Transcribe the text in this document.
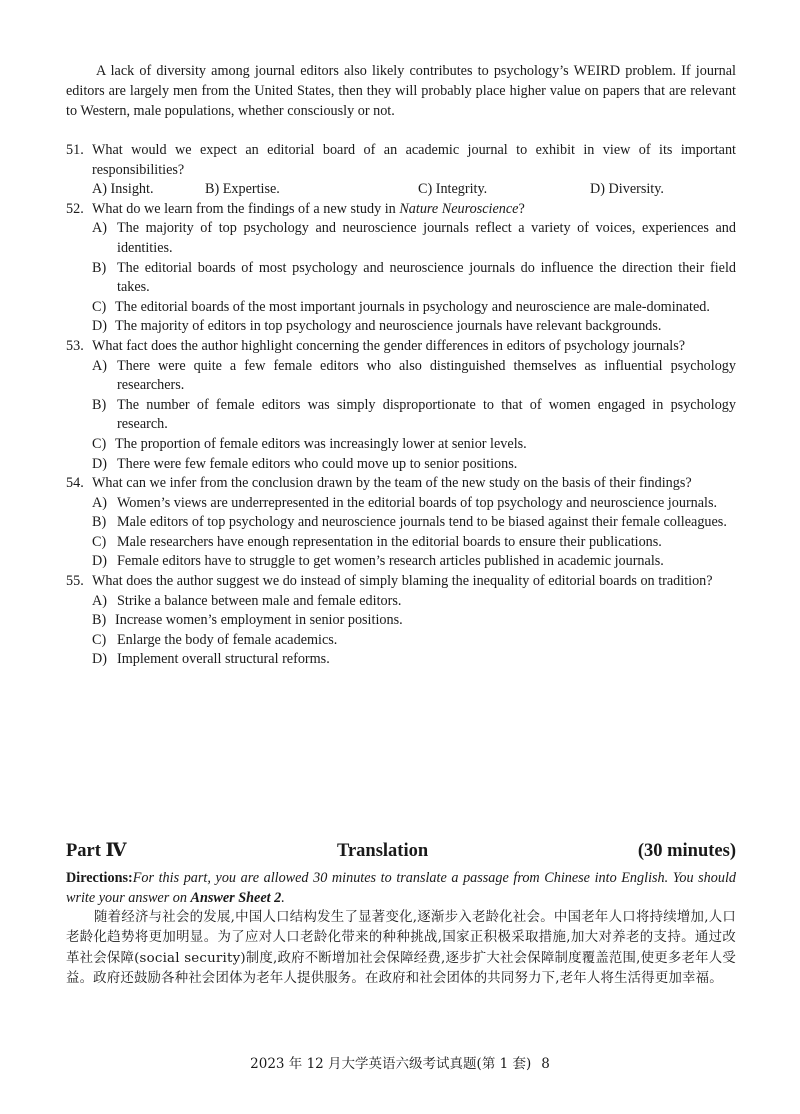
A lack of diversity among journal editors also likely contributes to psychology’s WEIRD problem. If journal editors are largely men from the United States, then they will probably place higher value on papers that are relevant to Western, male populations, whether consciously or not.

51. What would we expect an editorial board of an academic journal to exhibit in view of its important responsibilities?
A) Insight.	B) Expertise.	C) Integrity.	D) Diversity.
52. What do we learn from the findings of a new study in Nature Neuroscience?
A) The majority of top psychology and neuroscience journals reflect a variety of voices, experiences and identities.
B) The editorial boards of most psychology and neuroscience journals do influence the direction their field takes.
C) The editorial boards of the most important journals in psychology and neuroscience are male-dominated.
D) The majority of editors in top psychology and neuroscience journals have relevant backgrounds.
53. What fact does the author highlight concerning the gender differences in editors of psychology journals?
A) There were quite a few female editors who also distinguished themselves as influential psychology researchers.
B) The number of female editors was simply disproportionate to that of women engaged in psychology research.
C) The proportion of female editors was increasingly lower at senior levels.
D) There were few female editors who could move up to senior positions.
54. What can we infer from the conclusion drawn by the team of the new study on the basis of their findings?
A) Women’s views are underrepresented in the editorial boards of top psychology and neuroscience journals.
B) Male editors of top psychology and neuroscience journals tend to be biased against their female colleagues.
C) Male researchers have enough representation in the editorial boards to ensure their publications.
D) Female editors have to struggle to get women’s research articles published in academic journals.
55. What does the author suggest we do instead of simply blaming the inequality of editorial boards on tradition?
A) Strike a balance between male and female editors.
B) Increase women’s employment in senior positions.
C) Enlarge the body of female academics.
D) Implement overall structural reforms.
Part Ⅳ	Translation	(30 minutes)
Directions:For this part, you are allowed 30 minutes to translate a passage from Chinese into English. You should write your answer on Answer Sheet 2.

随着经济与社会的发展,中国人口结构发生了显著变化,逐渐步入老龄化社会。中国老年人口将持续增加,人口老龄化趋势将更加明显。为了应对人口老龄化带来的种种挑战,国家正积极采取措施,加大对养老的支持。通过改革社会保障(social security)制度,政府不断增加社会保障经费,逐步扩大社会保障制度覆盖范围,使更多老年人受益。政府还鼓励各种社会团体为老年人提供服务。在政府和社会团体的共同努力下,老年人将生活得更加幸福。

2023 年 12 月大学英语六级考试真题(第 1 套) 8
